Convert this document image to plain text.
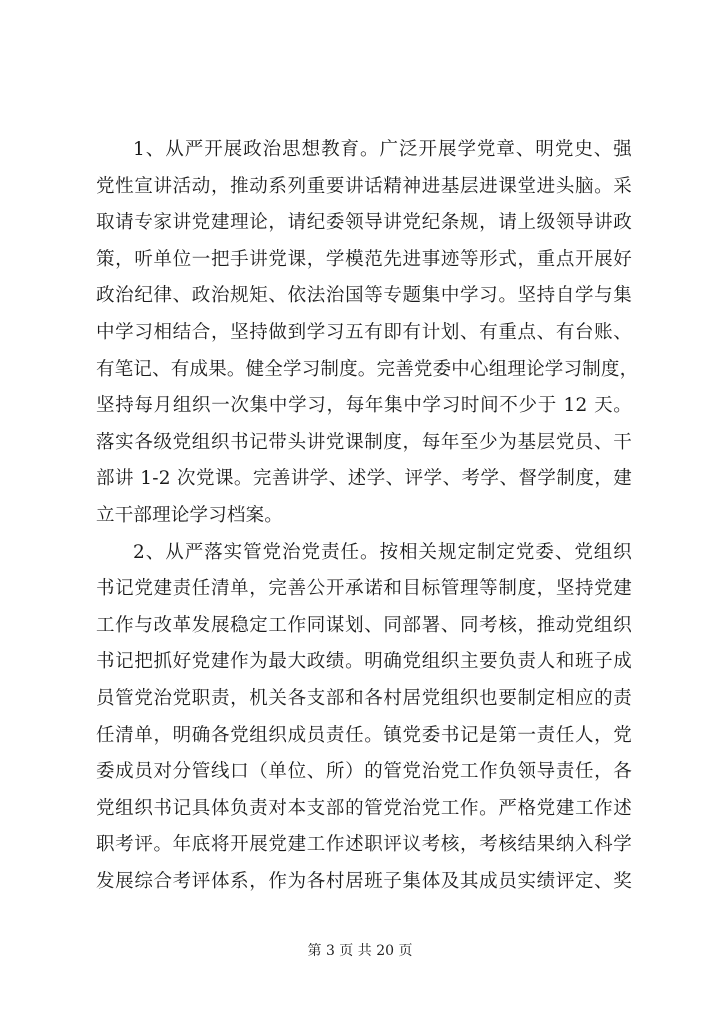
1、从严开展政治思想教育。广泛开展学党章、明党史、强
党性宣讲活动，推动系列重要讲话精神进基层进课堂进头脑。采
取请专家讲党建理论，请纪委领导讲党纪条规，请上级领导讲政
策，听单位一把手讲党课，学模范先进事迹等形式，重点开展好
政治纪律、政治规矩、依法治国等专题集中学习。坚持自学与集
中学习相结合，坚持做到学习五有即有计划、有重点、有台账、
有笔记、有成果。健全学习制度。完善党委中心组理论学习制度，
坚持每月组织一次集中学习，每年集中学习时间不少于 12 天。
落实各级党组织书记带头讲党课制度，每年至少为基层党员、干
部讲 1-2 次党课。完善讲学、述学、评学、考学、督学制度，建
立干部理论学习档案。

2、从严落实管党治党责任。按相关规定制定党委、党组织
书记党建责任清单，完善公开承诺和目标管理等制度，坚持党建
工作与改革发展稳定工作同谋划、同部署、同考核，推动党组织
书记把抓好党建作为最大政绩。明确党组织主要负责人和班子成
员管党治党职责，机关各支部和各村居党组织也要制定相应的责
任清单，明确各党组织成员责任。镇党委书记是第一责任人，党
委成员对分管线口（单位、所）的管党治党工作负领导责任，各
党组织书记具体负责对本支部的管党治党工作。严格党建工作述
职考评。年底将开展党建工作述职评议考核，考核结果纳入科学
发展综合考评体系，作为各村居班子集体及其成员实绩评定、奖

第 3 页 共 20 页
